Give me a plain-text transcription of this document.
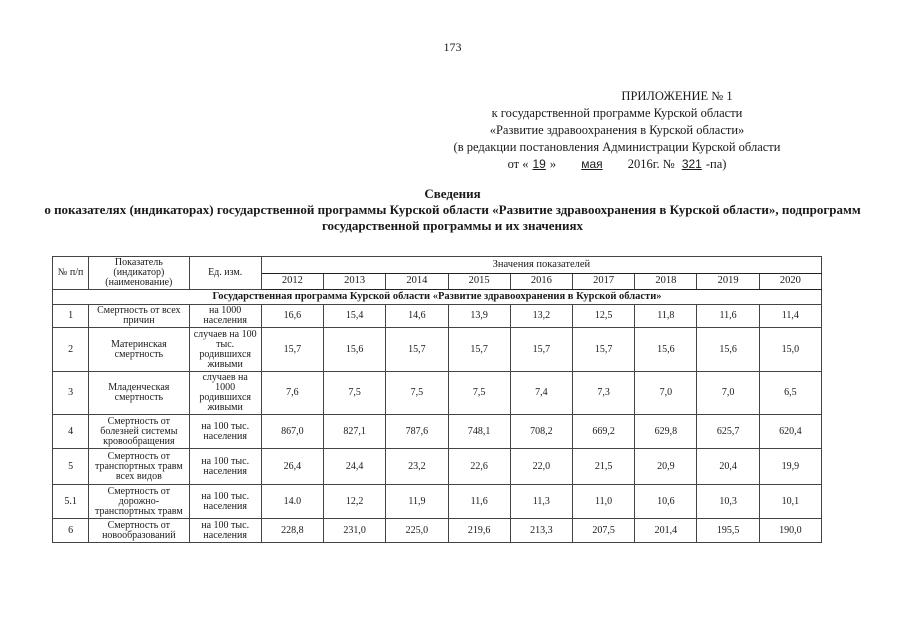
173
ПРИЛОЖЕНИЕ № 1
к государственной программе Курской области
«Развитие здравоохранения в Курской области»
(в редакции постановления Администрации Курской области
от « 19 » мая 2016г. № 321 -па)
Сведения
о показателях (индикаторах) государственной программы Курской области «Развитие здравоохранения в Курской области», подпрограмм государственной программы и их значениях
№ п/п	Показатель (индикатор) (наименование)	Ед. изм.	Значения показателей								
			2012	2013	2014	2015	2016	2017	2018	2019	2020
Государственная программа Курской области «Развитие здравоохранения в Курской области»											
1	Смертность от всех причин	на 1000 населения	16,6	15,4	14,6	13,9	13,2	12,5	11,8	11,6	11,4
2	Материнская смертность	случаев на 100 тыс. родившихся живыми	15,7	15,6	15,7	15,7	15,7	15,7	15,6	15,6	15,0
3	Младенческая смертность	случаев на 1000 родившихся живыми	7,6	7,5	7,5	7,5	7,4	7,3	7,0	7,0	6,5
4	Смертность от болезней системы кровообращения	на 100 тыс. населения	867,0	827,1	787,6	748,1	708,2	669,2	629,8	625,7	620,4
5	Смертность от транспортных травм всех видов	на 100 тыс. населения	26,4	24,4	23,2	22,6	22,0	21,5	20,9	20,4	19,9
5.1	Смертность от дорожно-транспортных травм	на 100 тыс. населения	14.0	12,2	11,9	11,6	11,3	11,0	10,6	10,3	10,1
6	Смертность от новообразований	на 100 тыс. населения	228,8	231,0	225,0	219,6	213,3	207,5	201,4	195,5	190,0
